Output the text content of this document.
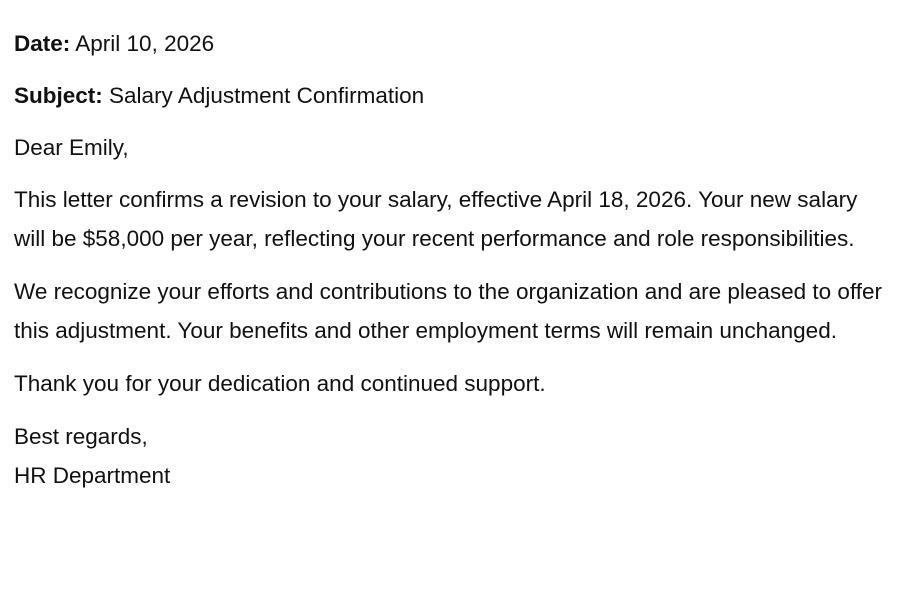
Date: April 10, 2026

Subject: Salary Adjustment Confirmation

Dear Emily,

This letter confirms a revision to your salary, effective April 18, 2026. Your new salary will be $58,000 per year, reflecting your recent performance and role responsibilities.

We recognize your efforts and contributions to the organization and are pleased to offer this adjustment. Your benefits and other employment terms will remain unchanged.

Thank you for your dedication and continued support.

Best regards,
HR Department
